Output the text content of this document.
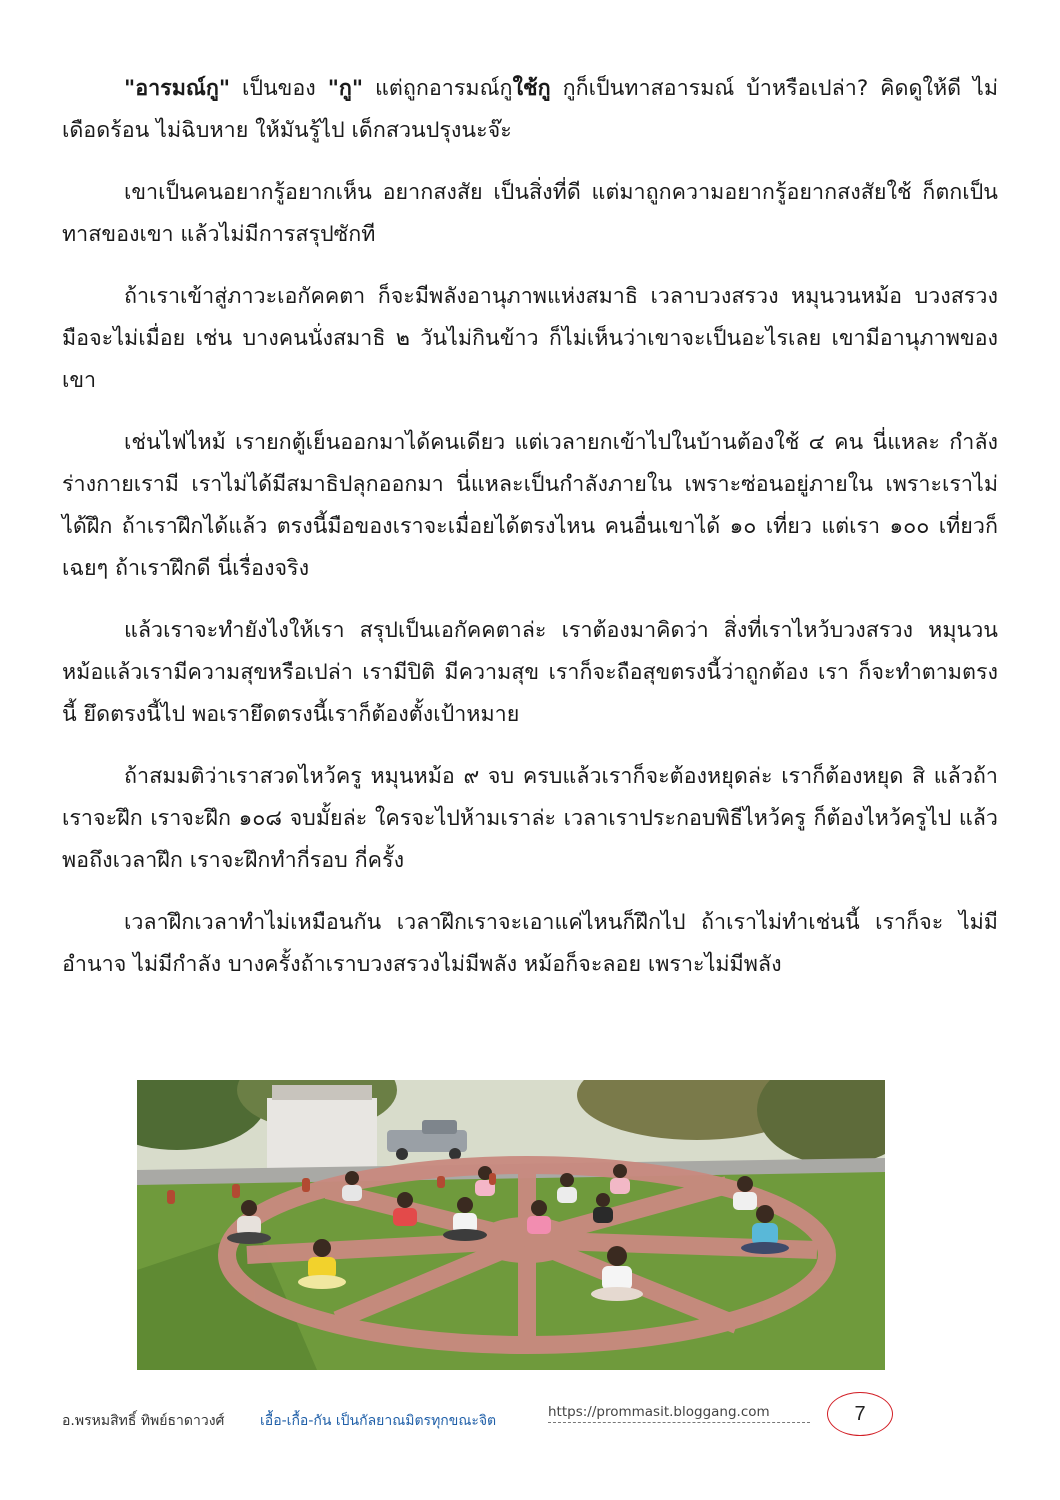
"อารมณ์กู" เป็นของ "กู" แต่ถูกอารมณ์กูใช้กู กูก็เป็นทาสอารมณ์ บ้าหรือเปล่า? คิดดูให้ดี ไม่เดือดร้อน ไม่ฉิบหาย ให้มันรู้ไป เด็กสวนปรุงนะจ๊ะ

เขาเป็นคนอยากรู้อยากเห็น อยากสงสัย เป็นสิ่งที่ดี แต่มาถูกความอยากรู้อยากสงสัยใช้ ก็ตกเป็นทาสของเขา แล้วไม่มีการสรุปซักที

ถ้าเราเข้าสู่ภาวะเอกัคคตา ก็จะมีพลังอานุภาพแห่งสมาธิ เวลาบวงสรวง หมุนวนหม้อ บวงสรวงมือจะไม่เมื่อย เช่น บางคนนั่งสมาธิ ๒ วันไม่กินข้าว ก็ไม่เห็นว่าเขาจะเป็นอะไรเลย เขามีอานุภาพของเขา

เช่นไฟไหม้ เรายกตู้เย็นออกมาได้คนเดียว แต่เวลายกเข้าไปในบ้านต้องใช้ ๔ คน นี่แหละ กำลังร่างกายเรามี เราไม่ได้มีสมาธิปลุกออกมา นี่แหละเป็นกำลังภายใน เพราะซ่อนอยู่ภายใน เพราะเราไม่ได้ฝึก ถ้าเราฝึกได้แล้ว ตรงนี้มือของเราจะเมื่อยได้ตรงไหน คนอื่นเขาได้ ๑๐ เที่ยว แต่เรา ๑๐๐ เที่ยวก็เฉยๆ ถ้าเราฝึกดี นี่เรื่องจริง

แล้วเราจะทำยังไงให้เรา สรุปเป็นเอกัคคตาล่ะ เราต้องมาคิดว่า สิ่งที่เราไหว้บวงสรวง หมุนวนหม้อแล้วเรามีความสุขหรือเปล่า เรามีปิติ มีความสุข เราก็จะถือสุขตรงนี้ว่าถูกต้อง เรา ก็จะทำตามตรงนี้ ยึดตรงนี้ไป พอเรายึดตรงนี้เราก็ต้องตั้งเป้าหมาย

ถ้าสมมติว่าเราสวดไหว้ครู หมุนหม้อ ๙ จบ ครบแล้วเราก็จะต้องหยุดล่ะ เราก็ต้องหยุด สิ แล้วถ้าเราจะฝึก เราจะฝึก ๑๐๘ จบมั้ยล่ะ ใครจะไปห้ามเราล่ะ เวลาเราประกอบพิธีไหว้ครู ก็ต้องไหว้ครูไป แล้วพอถึงเวลาฝึก เราจะฝึกทำกี่รอบ กี่ครั้ง

เวลาฝึกเวลาทำไม่เหมือนกัน เวลาฝึกเราจะเอาแค่ไหนก็ฝึกไป ถ้าเราไม่ทำเช่นนี้ เราก็จะ ไม่มีอำนาจ ไม่มีกำลัง บางครั้งถ้าเราบวงสรวงไม่มีพลัง หม้อก็จะลอย เพราะไม่มีพลัง

อ.พรหมสิทธิ์ ทิพย์ธาดาวงศ์	เอื้อ-เกื้อ-กัน เป็นกัลยาณมิตรทุกขณะจิต
https://prommasit.bloggang.com	7
